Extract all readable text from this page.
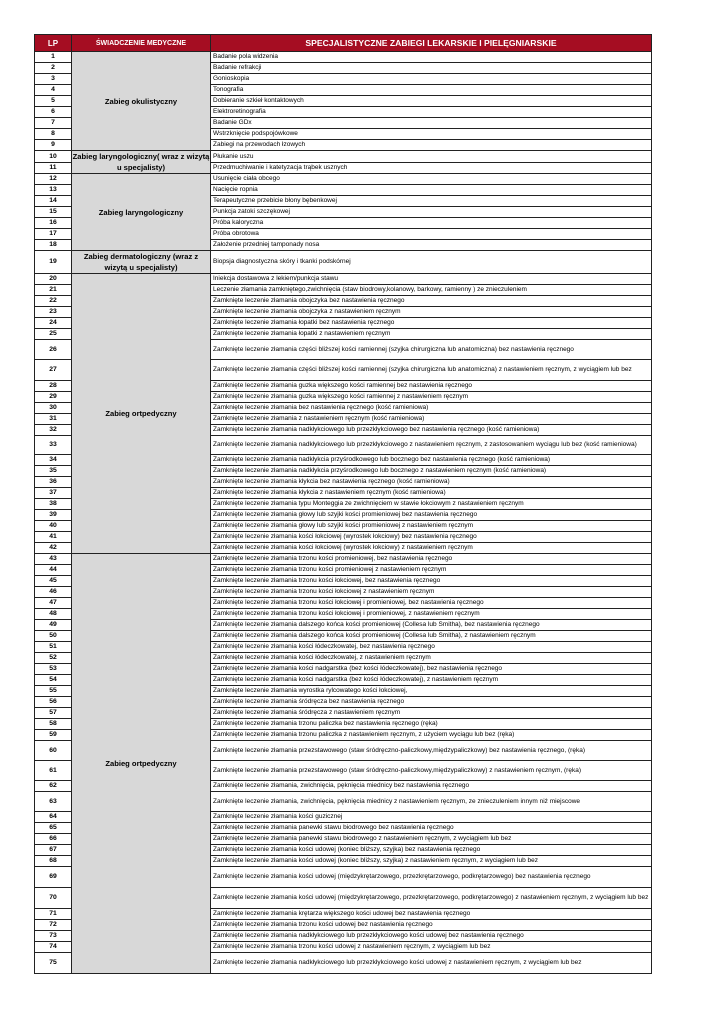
LP	ŚWIADCZENIE MEDYCZNE	SPECJALISTYCZNE ZABIEGI LEKARSKIE I PIELĘGNIARSKIE
1	Zabieg okulistyczny	Badanie pola widzenia
2		Badanie refrakcji
3		Gonioskopia
4		Tonografia
5		Dobieranie szkieł kontaktowych
6		Elektroretinografia
7		Badanie GDx
8		Wstrzknięcie podspojówkowe
9		Zabiegi na przewodach łzowych
10	Zabieg laryngologiczny( wraz z wizytą u specjalisty)	Płukanie uszu
11		Przedmuchiwanie i katetyzacja trąbek usznych
12	Zabieg laryngologiczny	Usunięcie ciała obcego
13		Nacięcie ropnia
14		Terapeutyczne przebicie błony bębenkowej
15		Punkcja zatoki szczękowej
16		Próba kaloryczna
17		Próba obrotowa
18		Założenie przedniej tamponady nosa
19	Zabieg dermatologiczny (wraz z wizytą u specjalisty)	Biopsja diagnostyczna skóry i tkanki podskórnej
20	Zabieg ortpedyczny	Iniekcja dostawowa z lekiem/punkcja stawu
21		Leczenie złamania zamkniętego,zwichnięcia (staw biodrowy,kolanowy, barkowy, ramienny ) ze znieczuleniem
22		Zamknięte leczenie złamania obojczyka bez nastawienia ręcznego
23		Zamknięte leczenie złamania obojczyka z nastawieniem ręcznym
24		Zamknięte leczenie złamania łopatki bez nastawienia ręcznego
25		Zamknięte leczenie złamania łopatki z nastawieniem ręcznym
26		Zamknięte leczenie złamania części bliższej kości ramiennej (szyjka chirurgiczna lub anatomiczna) bez nastawienia ręcznego
27		Zamknięte leczenie złamania części bliższej kości ramiennej (szyjka chirurgiczna lub anatomiczna) z nastawieniem ręcznym, z wyciągiem lub bez
28		Zamknięte leczenie złamania guzka większego kości ramiennej bez nastawienia ręcznego
29		Zamknięte leczenie złamania guzka większego kości ramiennej z nastawieniem ręcznym
30		Zamknięte leczenie złamania bez nastawienia ręcznego (kość ramieniowa)
31		Zamknięte leczenie złamania z nastawieniem ręcznym (kość ramieniowa)
32		Zamknięte leczenie złamania nadkłykciowego lub przezkłykciowego bez nastawienia ręcznego (kość ramieniowa)
33		Zamknięte leczenie złamania nadkłykciowego lub przezkłykciowego z nastawieniem ręcznym, z zastosowaniem wyciągu lub bez (kość ramieniowa)
34		Zamknięte leczenie złamania nadkłykcia przyśrodkowego lub bocznego bez nastawienia ręcznego (kość ramieniowa)
35		Zamknięte leczenie złamania nadkłykcia przyśrodkowego lub bocznego z nastawieniem ręcznym (kość ramieniowa)
36		Zamknięte leczenie złamania kłykcia bez nastawienia ręcznego (kość ramieniowa)
37		Zamknięte leczenie złamania kłykcia z nastawieniem ręcznym (kość ramieniowa)
38		Zamknięte leczenie złamania typu Monteggia ze zwichnięciem w stawie łokciowym z nastawieniem ręcznym
39		Zamknięte leczenie złamania głowy lub szyjki kości promieniowej bez nastawienia ręcznego
40		Zamknięte leczenie złamania głowy lub szyjki kości promieniowej z nastawieniem ręcznym
41		Zamknięte leczenie złamania kości łokciowej (wyrostek łokciowy) bez nastawienia ręcznego
42		Zamknięte leczenie złamania kości łokciowej (wyrostek łokciowy) z nastawieniem ręcznym
43	Zabieg ortpedyczny	Zamknięte leczenie złamania trzonu kości promieniowej, bez nastawienia ręcznego
44		Zamknięte leczenie złamania trzonu kości promieniowej z nastawieniem ręcznym
45		Zamknięte leczenie złamania trzonu kości łokciowej, bez nastawienia ręcznego
46		Zamknięte leczenie złamania trzonu kości łokciowej z nastawieniem ręcznym
47		Zamknięte leczenie złamania trzonu kości łokciowej i promieniowej, bez nastawienia ręcznego
48		Zamknięte leczenie złamania trzonu kości łokciowej i promieniowej, z nastawieniem ręcznym
49		Zamknięte leczenie złamania dalszego końca kości promieniowej (Collesa lub Smitha), bez nastawienia ręcznego
50		Zamknięte leczenie złamania dalszego końca kości promieniowej (Collesa lub Smitha), z nastawieniem ręcznym
51		Zamknięte leczenie złamania kości łódeczkowatej, bez nastawienia ręcznego
52		Zamknięte leczenie złamania kości łódeczkowatej, z nastawieniem ręcznym
53		Zamknięte leczenie złamania kości nadgarstka (bez kości łódeczkowatej), bez nastawienia ręcznego
54		Zamknięte leczenie złamania kości nadgarstka (bez kości łódeczkowatej), z nastawieniem ręcznym
55		Zamknięte leczenie złamania wyrostka rylcowatego kości łokciowej,
56		Zamknięte leczenie złamania śródręcza bez nastawienia ręcznego
57		Zamknięte leczenie złamania śródręcza z nastawieniem ręcznym
58		Zamknięte leczenie złamania trzonu paliczka bez nastawienia ręcznego (ręka)
59		Zamknięte leczenie złamania trzonu paliczka z nastawieniem ręcznym, z użyciem wyciągu lub bez (ręka)
60		Zamknięte leczenie złamania przezstawowego (staw śródręczno-paliczkowy,międzypaliczkowy) bez nastawienia ręcznego, (ręka)
61		Zamknięte leczenie złamania przezstawowego (staw śródręczno-paliczkowy,międzypaliczkowy) z nastawieniem ręcznym, (ręka)
62		Zamknięte leczenie złamania, zwichnięcia, pęknięcia miednicy bez nastawienia ręcznego
63		Zamknięte leczenie złamania, zwichnięcia, pęknięcia miednicy z nastawieniem ręcznym, ze znieczuleniem innym niż miejscowe
64		Zamknięte leczenie złamania kości guzicznej
65		Zamknięte leczenie złamania panewki stawu biodrowego bez nastawienia ręcznego
66		Zamknięte leczenie złamania panewki stawu biodrowego z nastawieniem ręcznym, z wyciągiem lub bez
67		Zamknięte leczenie złamania kości udowej (koniec bliższy, szyjka) bez nastawienia ręcznego
68		Zamknięte leczenie złamania kości udowej (koniec bliższy, szyjka) z nastawieniem ręcznym, z wyciągiem lub bez
69		Zamknięte leczenie złamania kości udowej (międzykrętarzowego, przezkrętarzowego, podkrętarzowego) bez nastawienia ręcznego
70		Zamknięte leczenie złamania kości udowej (międzykrętarzowego, przezkrętarzowego, podkrętarzowego) z nastawieniem ręcznym, z wyciągiem lub bez
71		Zamknięte leczenie złamania krętarza większego kości udowej bez nastawienia ręcznego
72		Zamknięte leczenie złamania trzonu kości udowej bez nastawienia ręcznego
73		Zamknięte leczenie złamania nadkłykciowego lub przezkłykciowego kości udowej bez nastawienia ręcznego
74		Zamknięte leczenie złamania trzonu kości udowej z nastawieniem ręcznym, z wyciągiem lub bez
75		Zamknięte leczenie złamania nadkłykciowego lub przezkłykciowego kości udowej z nastawieniem ręcznym, z wyciągiem lub bez
